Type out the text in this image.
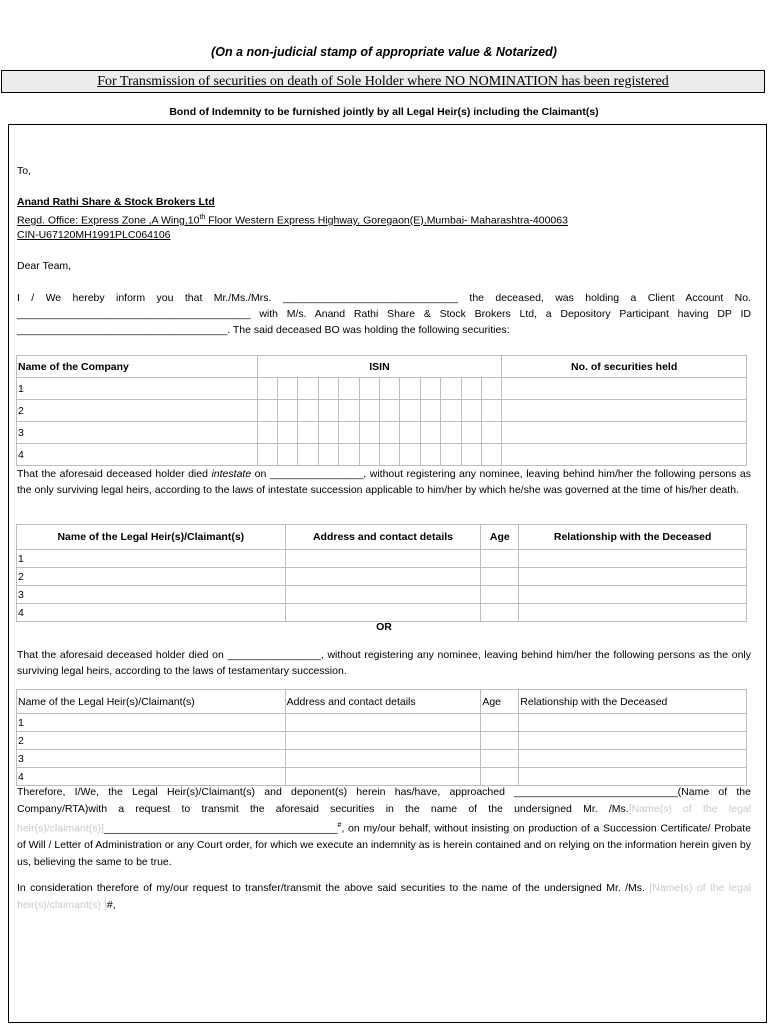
(On a non-judicial stamp of appropriate value & Notarized)
For Transmission of securities on death of Sole Holder where NO NOMINATION has been registered
Bond of Indemnity to be furnished jointly by all Legal Heir(s) including the Claimant(s)
To,
Anand Rathi Share & Stock Brokers Ltd
Regd. Office: Express Zone ,A Wing,10th Floor Western Express Highway, Goregaon(E),Mumbai- Maharashtra-400063
CIN-U67120MH1991PLC064106
Dear Team,
I / We hereby inform you that Mr./Ms./Mrs. ______________________________ the deceased, was holding a Client Account No. ________________________________________ with M/s. Anand Rathi Share & Stock Brokers Ltd, a Depository Participant having DP ID ____________________________________. The said deceased BO was holding the following securities:
Name of the Company	ISIN	No. of securities held
1	

2	

3	

4	

That the aforesaid deceased holder died intestate on ________________, without registering any nominee, leaving behind him/her the following persons as the only surviving legal heirs, according to the laws of intestate succession applicable to him/her by which he/she was governed at the time of his/her death.
Name of the Legal Heir(s)/Claimant(s)	Address and contact details	Age	Relationship with the Deceased
1			
2			
3			
4			
OR
That the aforesaid deceased holder died on ________________, without registering any nominee, leaving behind him/her the following persons as the only surviving legal heirs, according to the laws of testamentary succession.
Name of the Legal Heir(s)/Claimant(s)	Address and contact details	Age	Relationship with the Deceased
1			
2			
3			
4			
Therefore, I/We, the Legal Heir(s)/Claimant(s) and deponent(s) herein has/have, approached ____________________________(Name of the Company/RTA)with a request to transmit the aforesaid securities in the name of the undersigned Mr. /Ms.[Name(s) of the legal heir(s)/claimant(s)]________________________________________#, on my/our behalf, without insisting on production of a Succession Certificate/ Probate of Will / Letter of Administration or any Court order, for which we execute an indemnity as is herein contained and on relying on the information herein given by us, believing the same to be true.
In consideration therefore of my/our request to transfer/transmit the above said securities to the name of the undersigned Mr. /Ms. [Name(s) of the legal heir(s)/claimant(s) ]#,
